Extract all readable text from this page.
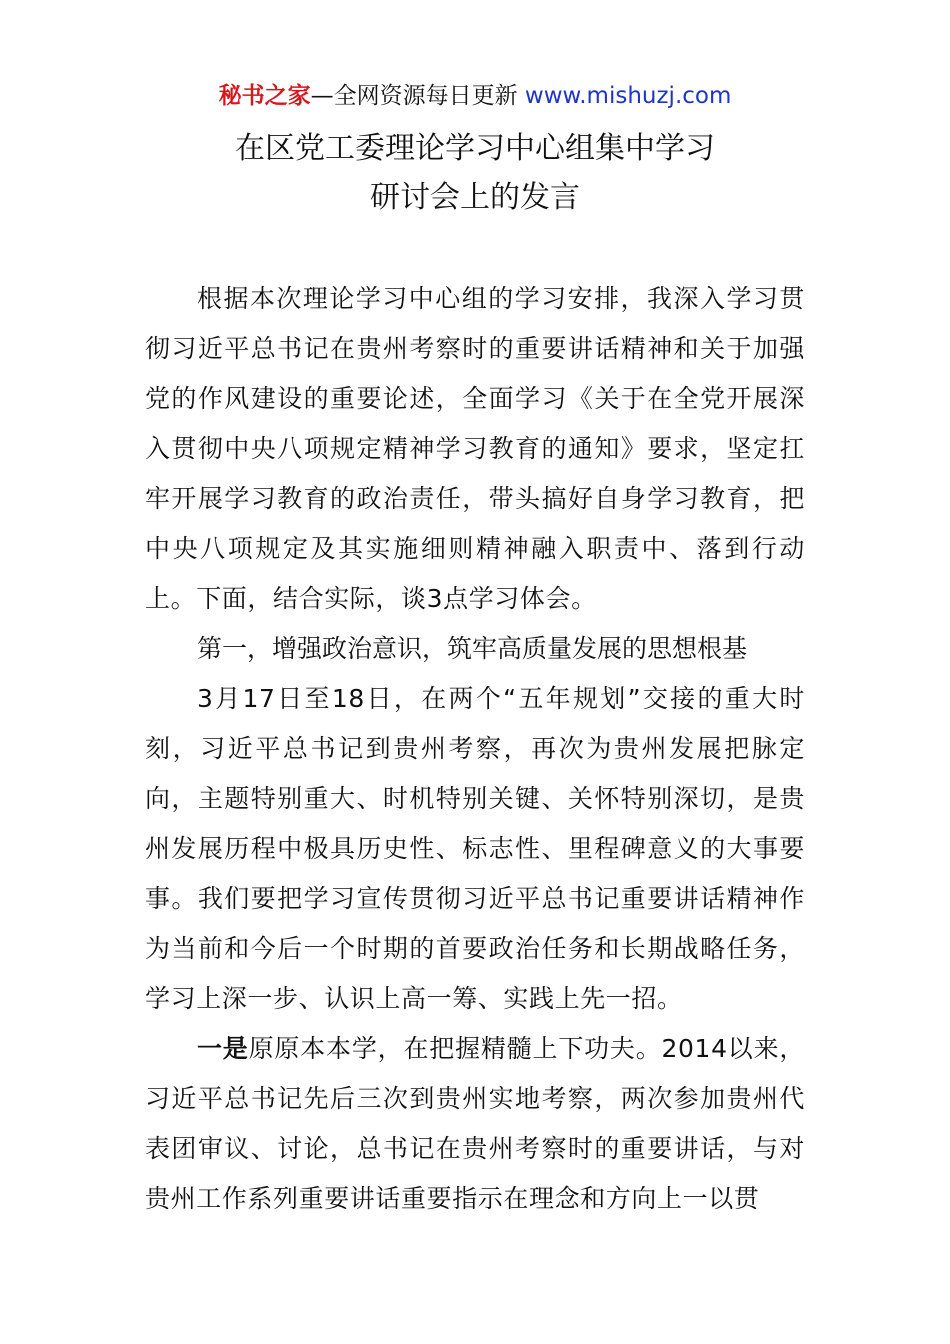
秘书之家—全网资源每日更新 www.mishuzj.com
在区党工委理论学习中心组集中学习
研讨会上的发言

根据本次理论学习中心组的学习安排，我深入学习贯彻习近平总书记在贵州考察时的重要讲话精神和关于加强党的作风建设的重要论述，全面学习《关于在全党开展深入贯彻中央八项规定精神学习教育的通知》要求，坚定扛牢开展学习教育的政治责任，带头搞好自身学习教育，把中央八项规定及其实施细则精神融入职责中、落到行动上。下面，结合实际，谈3点学习体会。

第一，增强政治意识，筑牢高质量发展的思想根基

3月17日至18日，在两个“五年规划”交接的重大时刻，习近平总书记到贵州考察，再次为贵州发展把脉定向，主题特别重大、时机特别关键、关怀特别深切，是贵州发展历程中极具历史性、标志性、里程碑意义的大事要事。我们要把学习宣传贯彻习近平总书记重要讲话精神作为当前和今后一个时期的首要政治任务和长期战略任务，学习上深一步、认识上高一筹、实践上先一招。

一是原原本本学，在把握精髓上下功夫。2014以来，习近平总书记先后三次到贵州实地考察，两次参加贵州代表团审议、讨论，总书记在贵州考察时的重要讲话，与对贵州工作系列重要讲话重要指示在理念和方向上一以贯
